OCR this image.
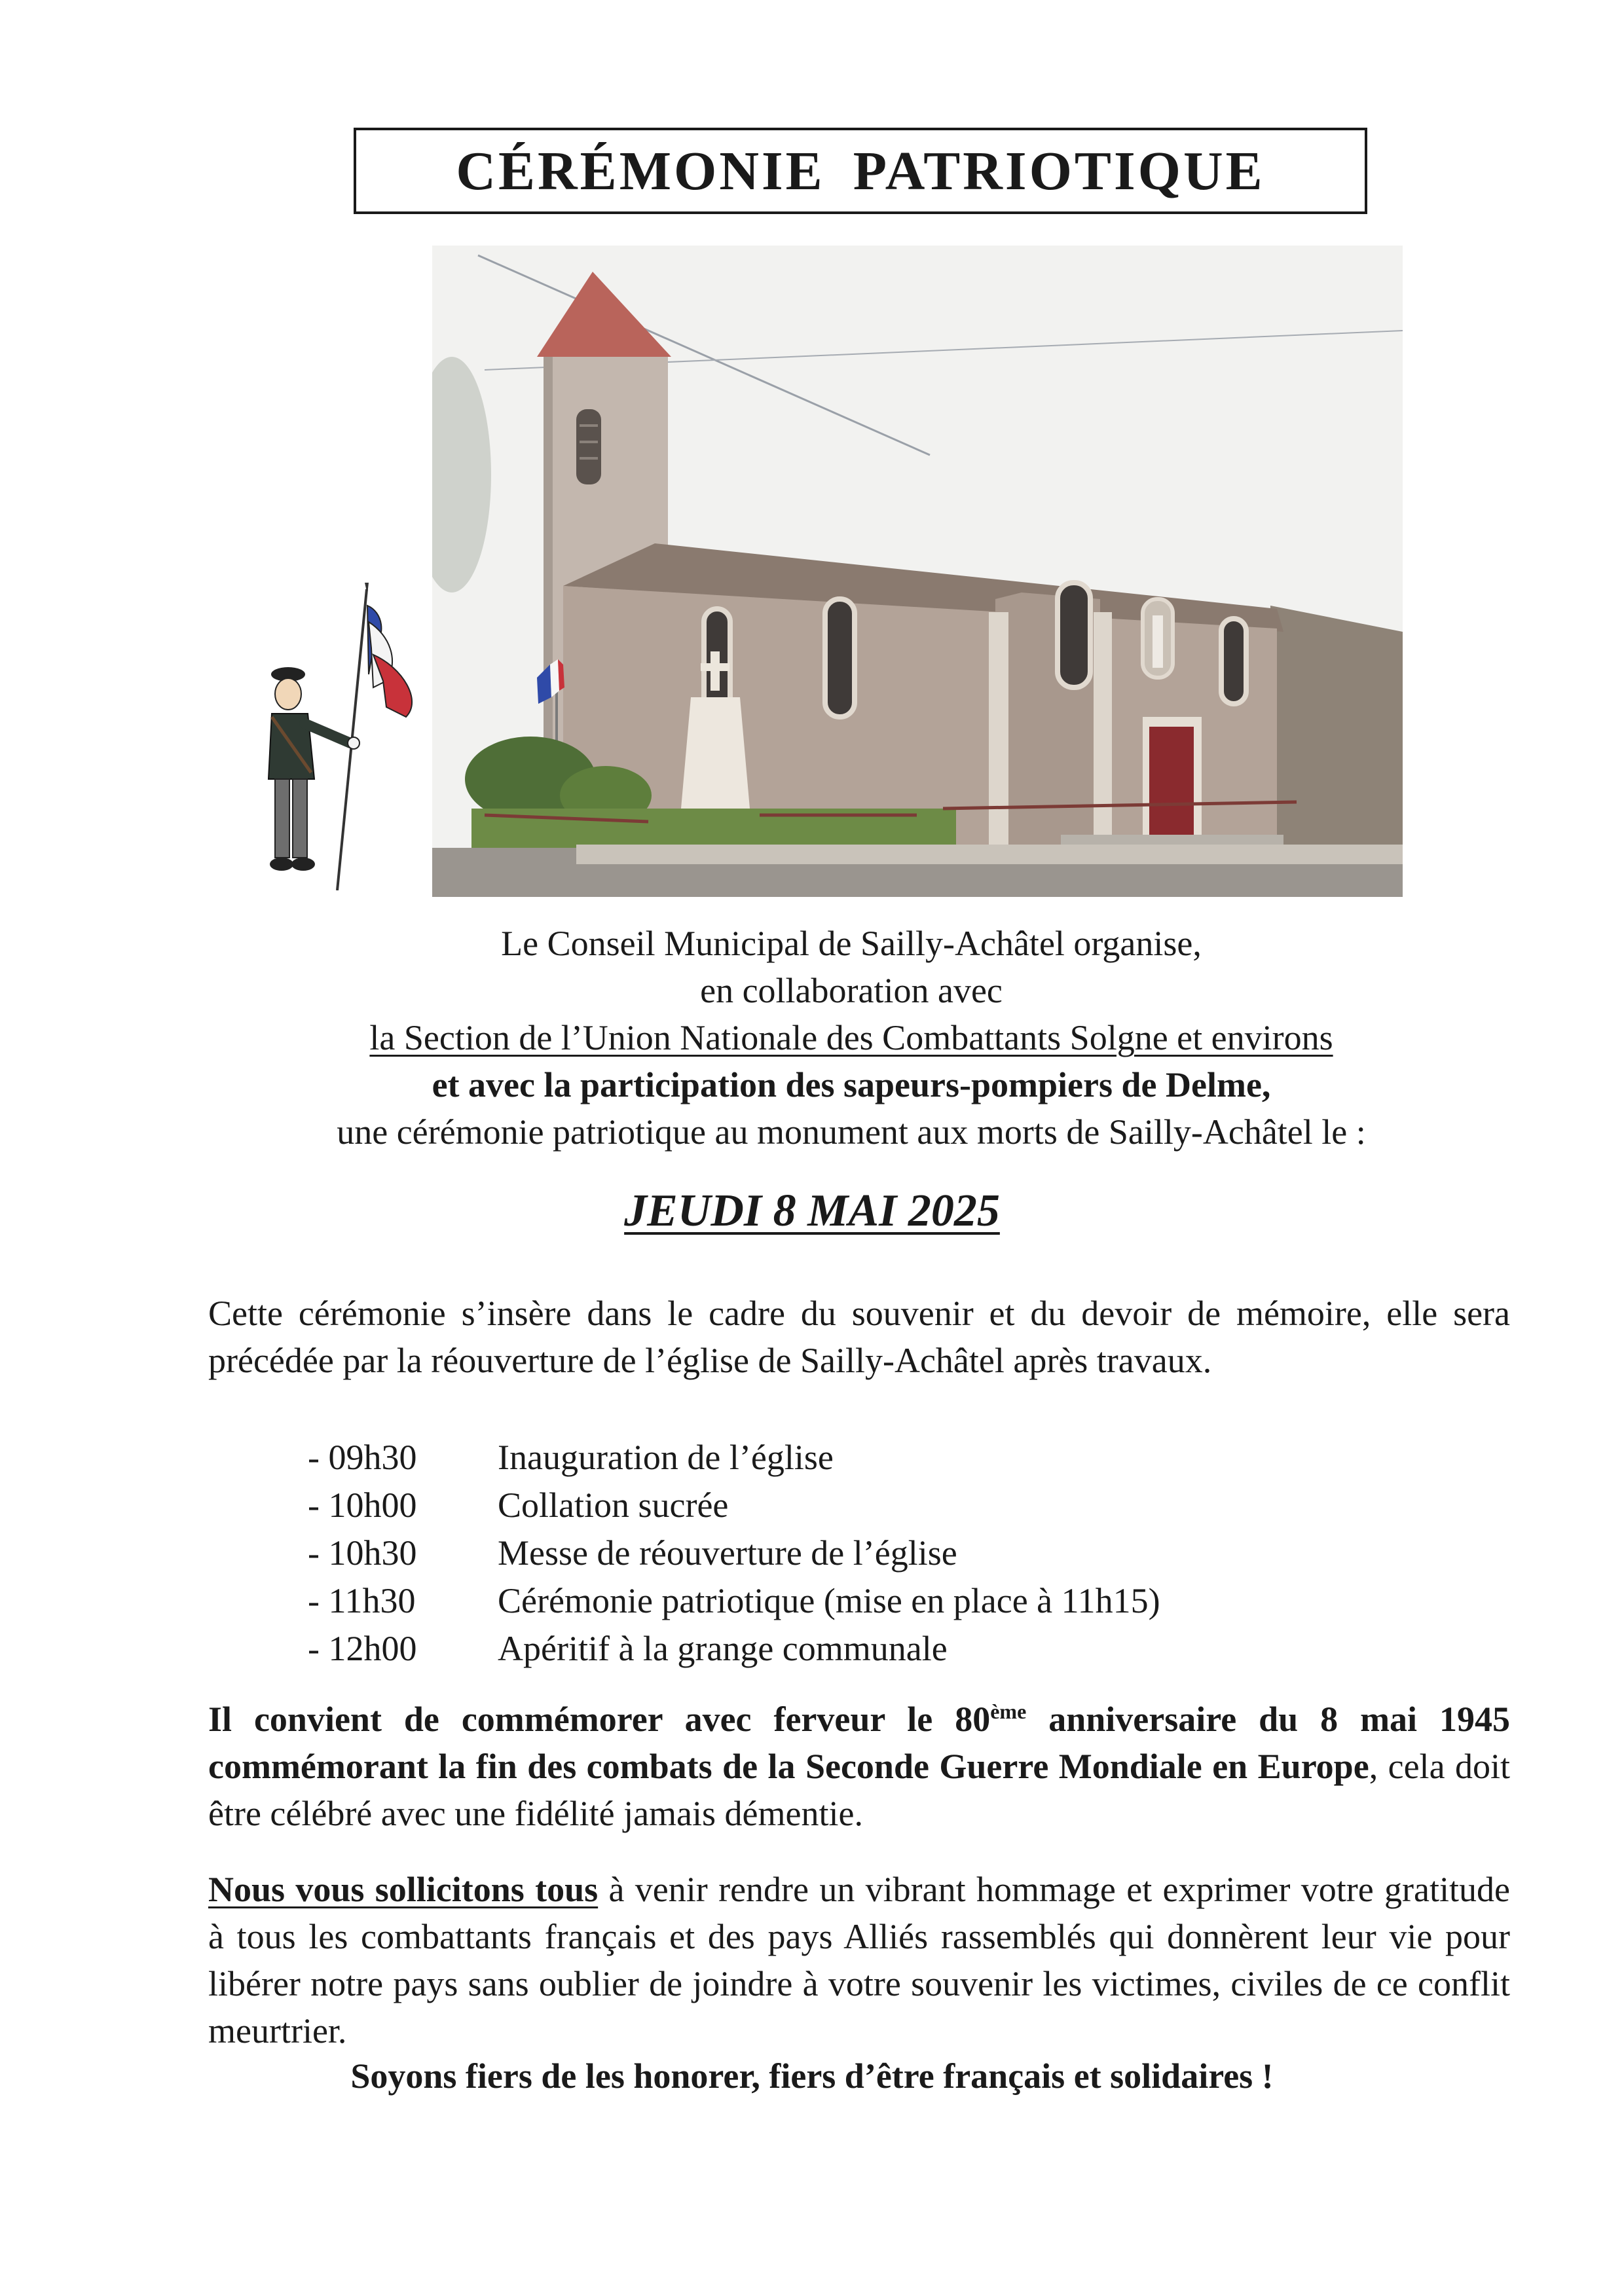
CÉRÉMONIE PATRIOTIQUE
Le Conseil Municipal de Sailly-Achâtel organise,
en collaboration avec
la Section de l’Union Nationale des Combattants Solgne et environs
et avec la participation des sapeurs-pompiers de Delme,
une cérémonie patriotique au monument aux morts de Sailly-Achâtel le :
JEUDI 8 MAI 2025
Cette cérémonie s’insère dans le cadre du souvenir et du devoir de mémoire, elle sera précédée par la réouverture de l’église de Sailly-Achâtel après travaux.
- 09h30	Inauguration de l’église
- 10h00	Collation sucrée
- 10h30	Messe de réouverture de l’église
- 11h30	Cérémonie patriotique (mise en place à 11h15)
- 12h00	Apéritif à la grange communale
Il convient de commémorer avec ferveur le 80ème anniversaire du 8 mai 1945 commémorant la fin des combats de la Seconde Guerre Mondiale en Europe, cela doit être célébré avec une fidélité jamais démentie.
Nous vous sollicitons tous à venir rendre un vibrant hommage et exprimer votre gratitude à tous les combattants français et des pays Alliés rassemblés qui donnèrent leur vie pour libérer notre pays sans oublier de joindre à votre souvenir les victimes, civiles de ce conflit meurtrier.
Soyons fiers de les honorer, fiers d’être français et solidaires !
